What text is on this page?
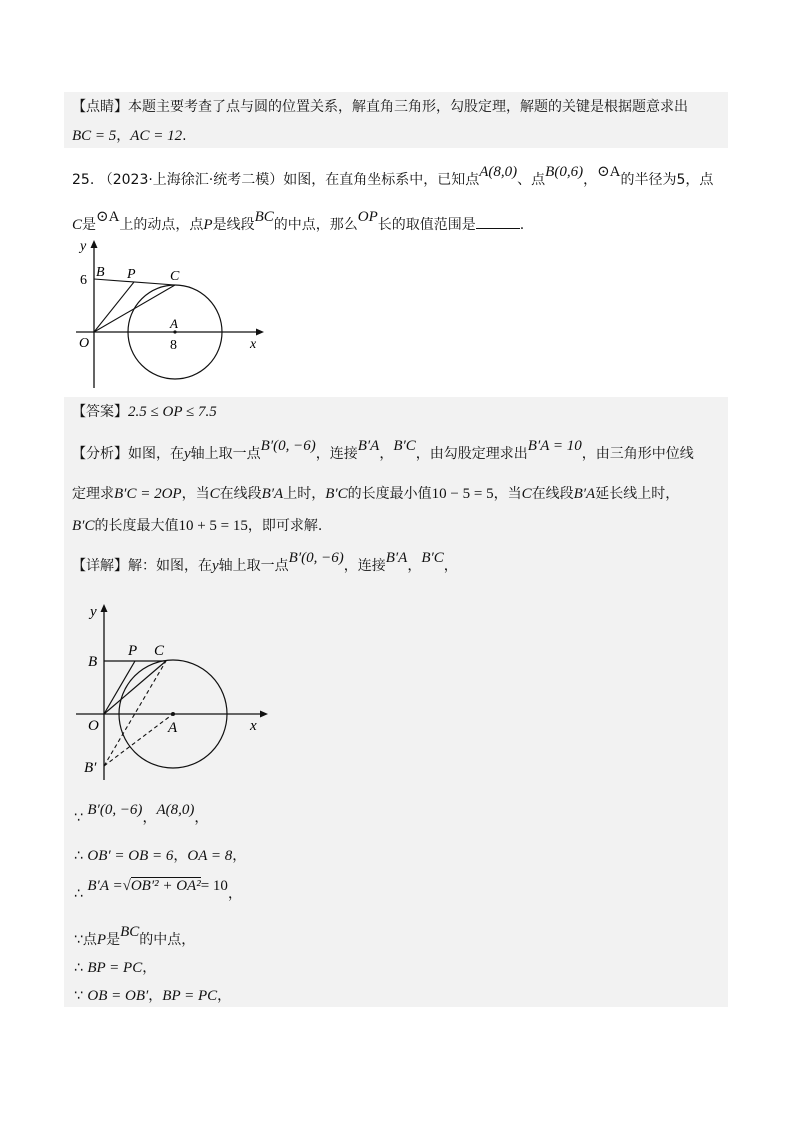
【点睛】本题主要考查了点与圆的位置关系，解直角三角形，勾股定理，解题的关键是根据题意求出
BC = 5，AC = 12.
25. （2023·上海徐汇·统考二模）如图，在直角坐标系中，已知点A(8,0)、点B(0,6)，⊙A的半径为5，点
C是⊙A上的动点，点P是线段BC的中点，那么OP长的取值范围是	.
y
x
O
B P C
A
6
8
【答案】2.5 ≤ OP ≤ 7.5
【分析】如图，在y轴上取一点B′(0, −6)，连接B′A，B′C，由勾股定理求出B′A = 10，由三角形中位线
定理求B′C = 2OP，当C在线段B′A上时，B′C的长度最小值10 − 5 = 5，当C在线段B′A延长线上时，
B′C的长度最大值10 + 5 = 15，即可求解.
【详解】解：如图，在y轴上取一点B′(0, −6)，连接B′A，B′C，
y
x
O
B
P C
A
B′
∵ B′(0, −6)，A(8,0)，
∴ OB′ = OB = 6，OA = 8，
∴ B′A =√OB′² + OA²= 10，
∵点P是BC的中点，
∴ BP = PC，
∵ OB = OB′，BP = PC，
